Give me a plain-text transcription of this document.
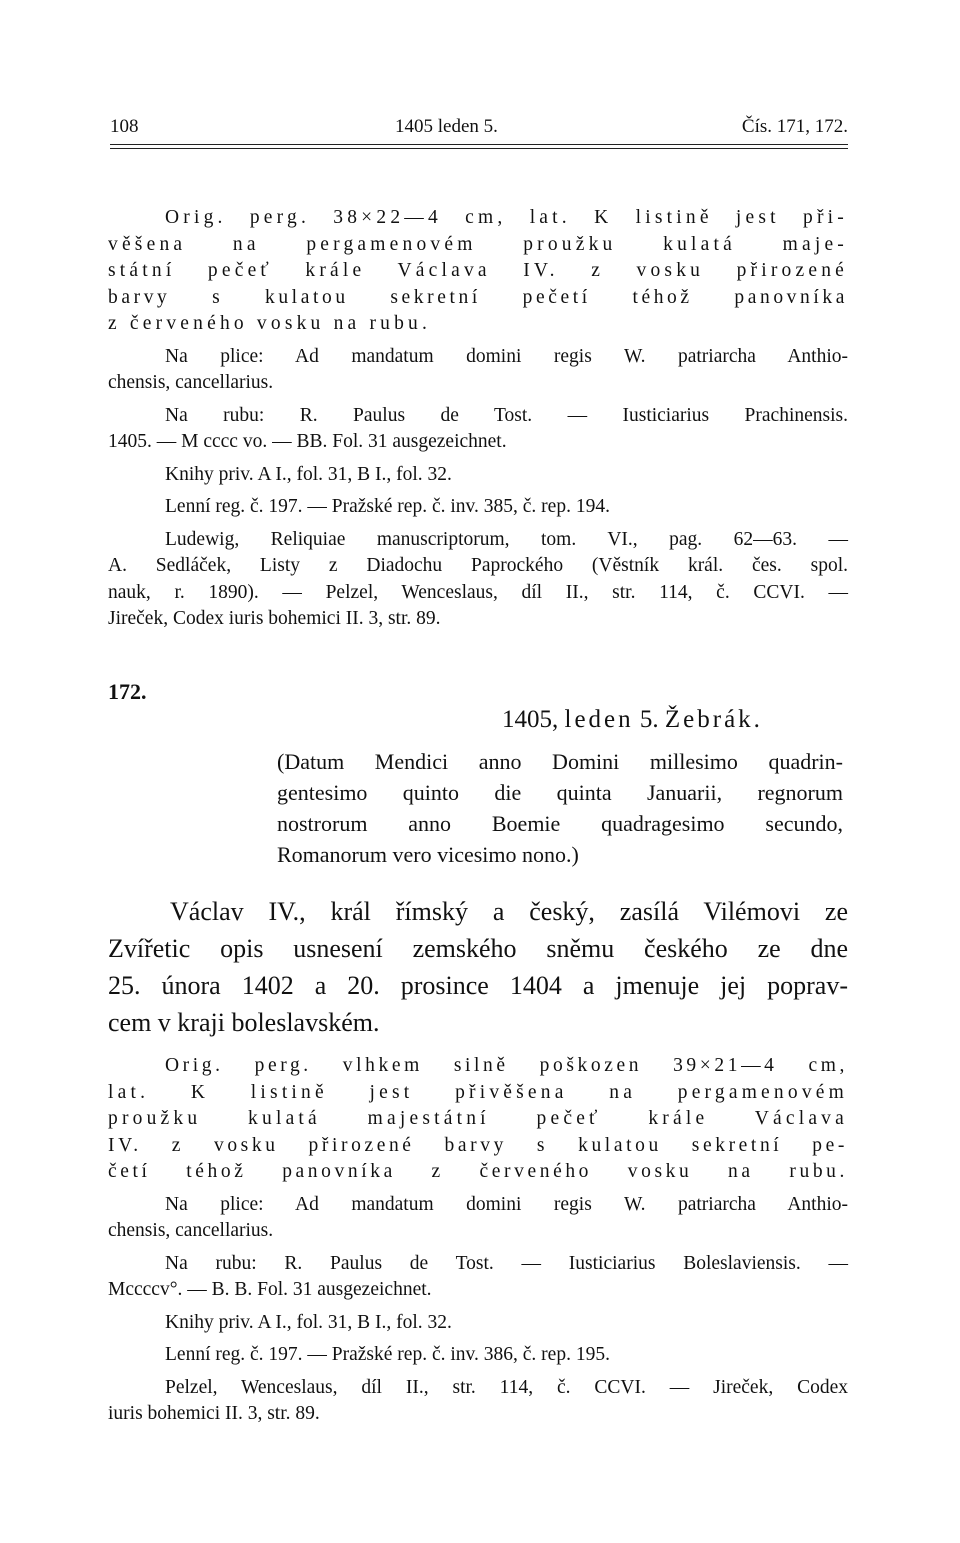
108	1405 leden 5.	Čís. 171, 172.

Orig. perg. 38×22—4 cm, lat. K listině jest při-

věšena na pergamenovém proužku kulatá maje-

státní pečeť krále Václava IV. z vosku přirozené

barvy s kulatou sekretní pečetí téhož panovníka

z červeného vosku na rubu.

Na plice: Ad mandatum domini regis W. patriarcha Anthio-

chensis, cancellarius.

Na rubu: R. Paulus de Tost. — Iusticiarius Prachinensis.

1405. — M cccc vo. — BB. Fol. 31 ausgezeichnet.

Knihy priv. A I., fol. 31, B I., fol. 32.

Lenní reg. č. 197. — Pražské rep. č. inv. 385, č. rep. 194.

Ludewig, Reliquiae manuscriptorum, tom. VI., pag. 62—63. —

A. Sedláček, Listy z Diadochu Paprockého (Věstník král. čes. spol.

nauk, r. 1890). — Pelzel, Wenceslaus, díl II., str. 114, č. CCVI. —

Jireček, Codex iuris bohemici II. 3, str. 89.

172.
1405, leden 5. Žebrák.

(Datum Mendici anno Domini millesimo quadrin-

gentesimo quinto die quinta Januarii, regnorum

nostrorum anno Boemie quadragesimo secundo,

Romanorum vero vicesimo nono.)

Václav IV., král římský a český, zasílá Vilémovi ze

Zvířetic opis usnesení zemského sněmu českého ze dne

25. února 1402 a 20. prosince 1404 a jmenuje jej poprav-

cem v kraji boleslavském.

Orig. perg. vlhkem silně poškozen 39×21—4 cm,

lat. K listině jest přivěšena na pergamenovém

proužku kulatá majestátní pečeť krále Václava

IV. z vosku přirozené barvy s kulatou sekretní pe-

četí téhož panovníka z červeného vosku na rubu.

Na plice: Ad mandatum domini regis W. patriarcha Anthio-

chensis, cancellarius.

Na rubu: R. Paulus de Tost. — Iusticiarius Boleslaviensis. —

Mccccv°. — B. B. Fol. 31 ausgezeichnet.

Knihy priv. A I., fol. 31, B I., fol. 32.

Lenní reg. č. 197. — Pražské rep. č. inv. 386, č. rep. 195.

Pelzel, Wenceslaus, díl II., str. 114, č. CCVI. — Jireček, Codex

iuris bohemici II. 3, str. 89.
